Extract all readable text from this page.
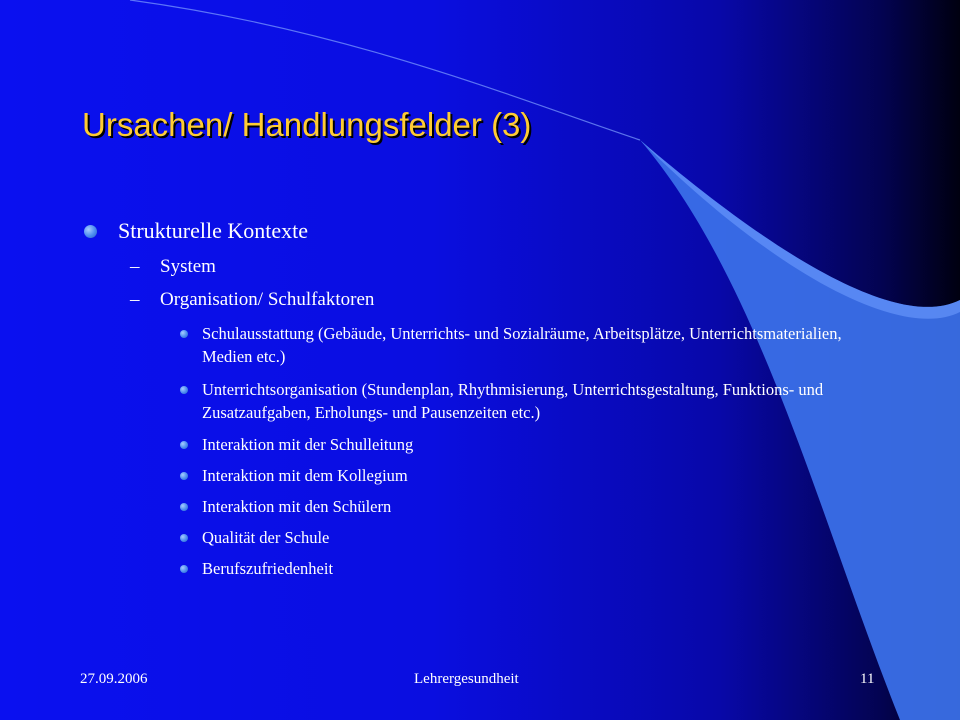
Ursachen/ Handlungsfelder (3)
Strukturelle Kontexte
– System
– Organisation/ Schulfaktoren
Schulausstattung (Gebäude, Unterrichts- und Sozialräume, Arbeitsplätze, Unterrichtsmaterialien, Medien etc.)
Unterrichtsorganisation (Stundenplan, Rhythmisierung, Unterrichtsgestaltung, Funktions- und Zusatzaufgaben, Erholungs- und Pausenzeiten etc.)
Interaktion mit der Schulleitung
Interaktion mit dem Kollegium
Interaktion mit den Schülern
Qualität der Schule
Berufszufriedenheit
27.09.2006	Lehrergesundheit	11
